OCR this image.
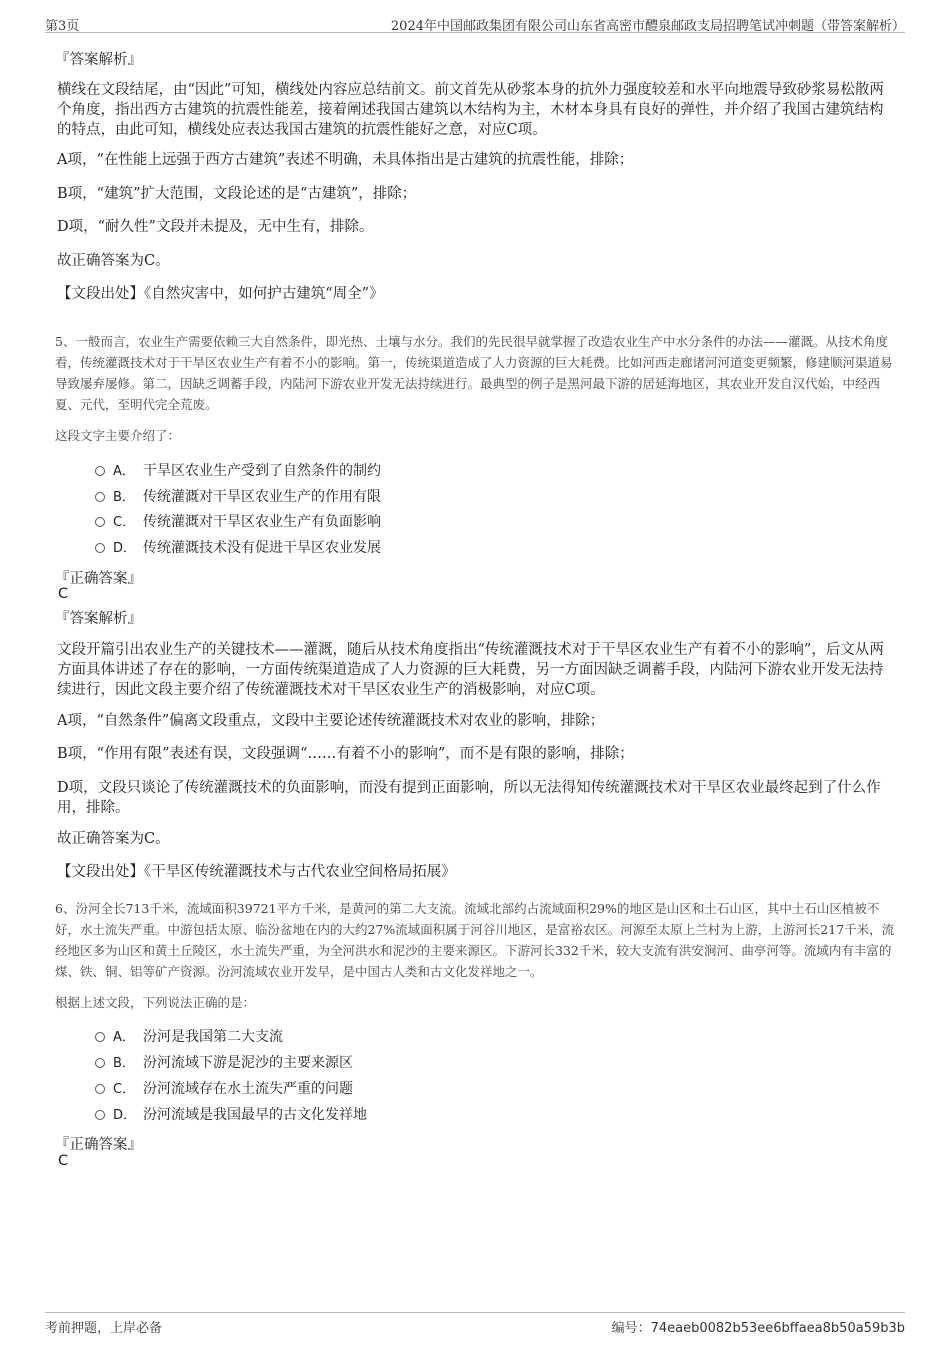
第3页	2024年中国邮政集团有限公司山东省高密市醴泉邮政支局招聘笔试冲刺题（带答案解析）
『答案解析』

横线在文段结尾，由“因此”可知，横线处内容应总结前文。前文首先从砂浆本身的抗外力强度较差和水平向地震导致砂浆易松散两个角度，指出西方古建筑的抗震性能差，接着阐述我国古建筑以木结构为主，木材本身具有良好的弹性，并介绍了我国古建筑结构的特点，由此可知，横线处应表达我国古建筑的抗震性能好之意，对应C项。

A项，“在性能上远强于西方古建筑”表述不明确，未具体指出是古建筑的抗震性能，排除；

B项，“建筑”扩大范围，文段论述的是“古建筑”，排除；

D项，“耐久性”文段并未提及，无中生有，排除。

故正确答案为C。

【文段出处】《自然灾害中，如何护古建筑“周全”》

5、一般而言，农业生产需要依赖三大自然条件，即光热、土壤与水分。我们的先民很早就掌握了改造农业生产中水分条件的办法——灌溉。从技术角度看，传统灌溉技术对于干旱区农业生产有着不小的影响。第一，传统渠道造成了人力资源的巨大耗费。比如河西走廊诸河河道变更频繁，修建顺河渠道易导致屡弃屡修。第二，因缺乏调蓄手段，内陆河下游农业开发无法持续进行。最典型的例子是黑河最下游的居延海地区，其农业开发自汉代始，中经西夏、元代，至明代完全荒废。

这段文字主要介绍了：

A． 干旱区农业生产受到了自然条件的制约
B． 传统灌溉对干旱区农业生产的作用有限
C． 传统灌溉对干旱区农业生产有负面影响
D． 传统灌溉技术没有促进干旱区农业发展
『正确答案』
C
『答案解析』

文段开篇引出农业生产的关键技术——灌溉，随后从技术角度指出“传统灌溉技术对于干旱区农业生产有着不小的影响”，后文从两方面具体讲述了存在的影响，一方面传统渠道造成了人力资源的巨大耗费，另一方面因缺乏调蓄手段，内陆河下游农业开发无法持续进行，因此文段主要介绍了传统灌溉技术对干旱区农业生产的消极影响，对应C项。

A项，“自然条件”偏离文段重点，文段中主要论述传统灌溉技术对农业的影响，排除；

B项，“作用有限”表述有误，文段强调“……有着不小的影响”，而不是有限的影响，排除；

D项，文段只谈论了传统灌溉技术的负面影响，而没有提到正面影响，所以无法得知传统灌溉技术对干旱区农业最终起到了什么作用，排除。

故正确答案为C。

【文段出处】《干旱区传统灌溉技术与古代农业空间格局拓展》

6、汾河全长713千米，流域面积39721平方千米，是黄河的第二大支流。流域北部约占流域面积29%的地区是山区和土石山区，其中土石山区植被不好，水土流失严重。中游包括太原、临汾盆地在内的大约27%流域面积属于河谷川地区，是富裕农区。河源至太原上兰村为上游，上游河长217千米，流经地区多为山区和黄土丘陵区，水土流失严重，为全河洪水和泥沙的主要来源区。下游河长332千米，较大支流有洪安涧河、曲亭河等。流域内有丰富的煤、铁、铜、铝等矿产资源。汾河流域农业开发早，是中国古人类和古文化发祥地之一。

根据上述文段，下列说法正确的是：

A． 汾河是我国第二大支流
B． 汾河流域下游是泥沙的主要来源区
C． 汾河流域存在水土流失严重的问题
D． 汾河流域是我国最早的古文化发祥地
『正确答案』
C
考前押题，上岸必备	编号：74eaeb0082b53ee6bffaea8b50a59b3b
